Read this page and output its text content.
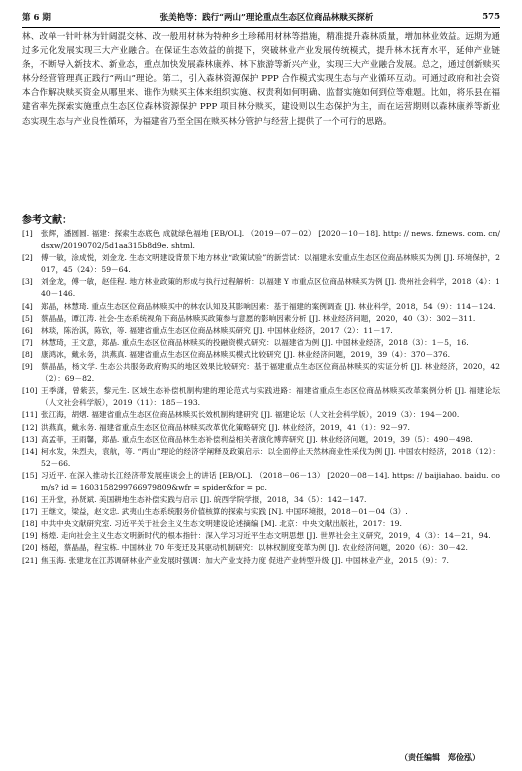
第 6 期	张美艳等：践行“两山”理论重点生态区位商品林赎买探析	575

林、改单一针叶林为针阔混交林、改一般用材林为特种乡土珍稀用材林等措施，精准提升森林质量，增加林业效益。远期为通过多元化发展实现三大产业融合。在保证生态效益的前提下，突破林业产业发展传统模式，提升林木抚育水平，延伸产业链条，不断导入新技术、新业态，重点加快发展森林康养、林下旅游等新兴产业，实现三大产业融合发展。总之，通过创新赎买林分经营管理真正践行“两山”理论。第二，引入森林资源保护 PPP 合作模式实现生态与产业循环互动。可通过政府和社会资本合作解决赎买资金从哪里来、谁作为赎买主体来组织实施、权责利如何明确、监督实施如何到位等难题。比如，将乐县在福建省率先探索实施重点生态区位森林资源保护 PPP 项目林分赎买，建设则以生态保护为主，而在运营期则以森林康养等新业态实现生态与产业良性循环，为福建省乃至全国在赎买林分管护与经营上提供了一个可行的思路。

参考文献：
[1]	张辉，潘圆圆. 福建：探索生态底色 成就绿色福地 [EB/OL]. （2019－07－02） [2020－10－18]. http: // news. fznews. com. cn/dsxw/20190702/5d1aa315b8d9e. shtml.
[2]	傅一敏，涂成悦，刘金龙. 生态文明建设背景下地方林业“政策试验”的新尝试：以福建永安重点生态区位商品林赎买为例 [J]. 环境保护，2017，45（24）：59－64.
[3]	刘金龙，傅一敏，赵佳程. 地方林业政策的形成与执行过程解析：以福建 Y 市重点区位商品林赎买为例 [J]. 贵州社会科学，2018（4）：140－146.
[4]	郑晶，林慧琦. 重点生态区位商品林赎买中的林农认知及其影响因素：基于福建的案例调查 [J]. 林业科学，2018，54（9）：114－124.
[5]	蔡晶晶，谭江涛. 社会-生态系统视角下商品林赎买政策参与意愿的影响因素分析 [J]. 林业经济问题，2020，40（3）：302－311.
[6]	林琰，陈治淇，陈钦，等. 福建省重点生态区位商品林赎买研究 [J]. 中国林业经济，2017（2）：11－17.
[7]	林慧琦，王文意，郑晶. 重点生态区位商品林赎买的投融资模式研究：以福建省为例 [J]. 中国林业经济，2018（3）：1－5，16.
[8]	康鸿冰，戴永务，洪燕真. 福建省重点生态区位商品林赎买模式比较研究 [J]. 林业经济问题，2019，39（4）：370－376.
[9]	蔡晶晶，杨文学. 生态公共服务政府购买的地区效果比较研究：基于福建重点生态区位商品林赎买的实证分析 [J]. 林业经济，2020，42（2）：69－82.
[10] 王季潇，曾紫芸，黎元生. 区域生态补偿机制构建的理论范式与实践进路：福建省重点生态区位商品林赎买改革案例分析 [J]. 福建论坛（人文社会科学版），2019（11）：185－193.
[11] 张江海，胡熠. 福建省重点生态区位商品林赎买长效机制构建研究 [J]. 福建论坛（人文社会科学版），2019（3）：194－200.
[12] 洪燕真，戴永务. 福建省重点生态区位商品林赎买改革优化策略研究 [J]. 林业经济，2019，41（1）：92－97.
[13] 高孟菲，王雨馨，郑晶. 重点生态区位商品林生态补偿利益相关者演化博弈研究 [J]. 林业经济问题，2019，39（5）：490－498.
[14] 柯水发，朱烈夫，袁航，等. “两山”理论的经济学阐释及政策启示：以全面停止天然林商业性采伐为例 [J]. 中国农村经济，2018（12）：52－66.
[15] 习近平. 在深入推动长江经济带发展座谈会上的讲话 [EB/OL]. （2018－06－13） [2020－08－14]. https: // baijiahao. baidu. com/s? id = 1603158299766979809&wfr = spider&for = pc.
[16] 王升堂，孙贤斌. 美国耕地生态补偿实践与启示 [J]. 皖西学院学报，2018，34（5）：142－147.
[17] 王继文，梁益，赵文忠. 武夷山生态系统服务价值核算的探索与实践 [N]. 中国环境报，2018－01－04（3）.
[18] 中共中央文献研究室. 习近平关于社会主义生态文明建设论述摘编 [M]. 北京：中央文献出版社，2017：19.
[19] 杨煌. 走向社会主义生态文明新时代的根本指针：深入学习习近平生态文明思想 [J]. 世界社会主义研究，2019，4（3）：14－21，94.
[20] 杨超，蔡晶晶，程宝栋. 中国林业 70 年变迁及其驱动机制研究：以林权制度变革为例 [J]. 农业经济问题，2020（6）：30－42.
[21] 焦玉海. 张建龙在江苏调研林业产业发展时强调：加大产业支持力度 促进产业转型升级 [J]. 中国林业产业，2015（9）：7.
（责任编辑　郑俭泓）
